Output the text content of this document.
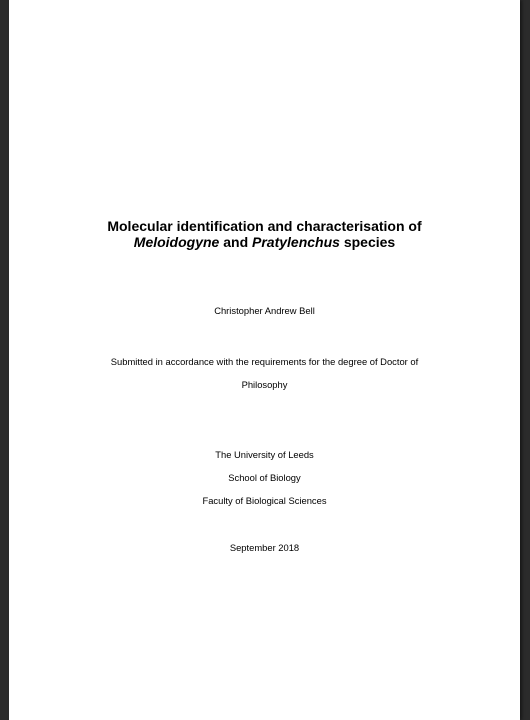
Molecular identification and characterisation of
Meloidogyne and Pratylenchus species
Christopher Andrew Bell
Submitted in accordance with the requirements for the degree of Doctor of
Philosophy
The University of Leeds
School of Biology
Faculty of Biological Sciences
September 2018
